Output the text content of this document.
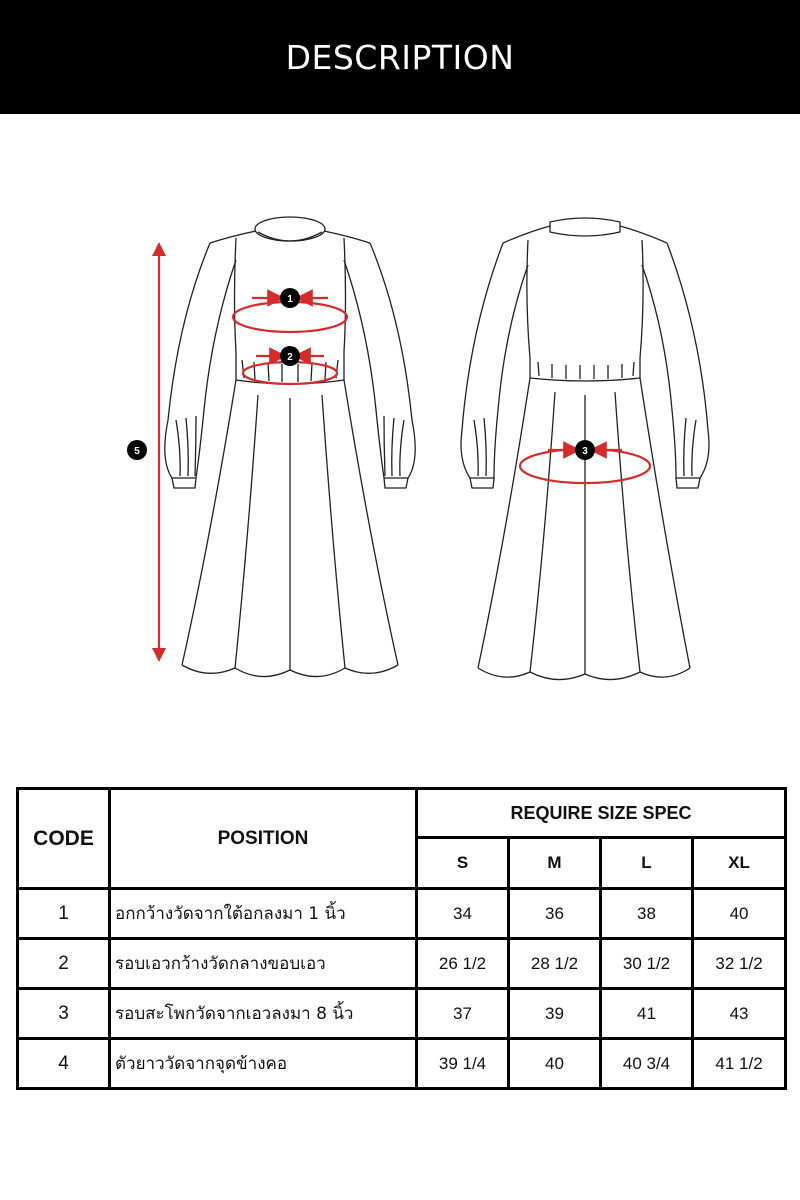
DESCRIPTION
1
2
5	3
CODE	POSITION	REQUIRE SIZE SPEC			
		S	M	L	XL
1	อกกว้างวัดจากใต้อกลงมา 1 นิ้ว	34	36	38	40
2	รอบเอวกว้างวัดกลางขอบเอว	26 1/2	28 1/2	30 1/2	32 1/2
3	รอบสะโพกวัดจากเอวลงมา 8 นิ้ว	37	39	41	43
4	ตัวยาววัดจากจุดข้างคอ	39 1/4	40	40 3/4	41 1/2
